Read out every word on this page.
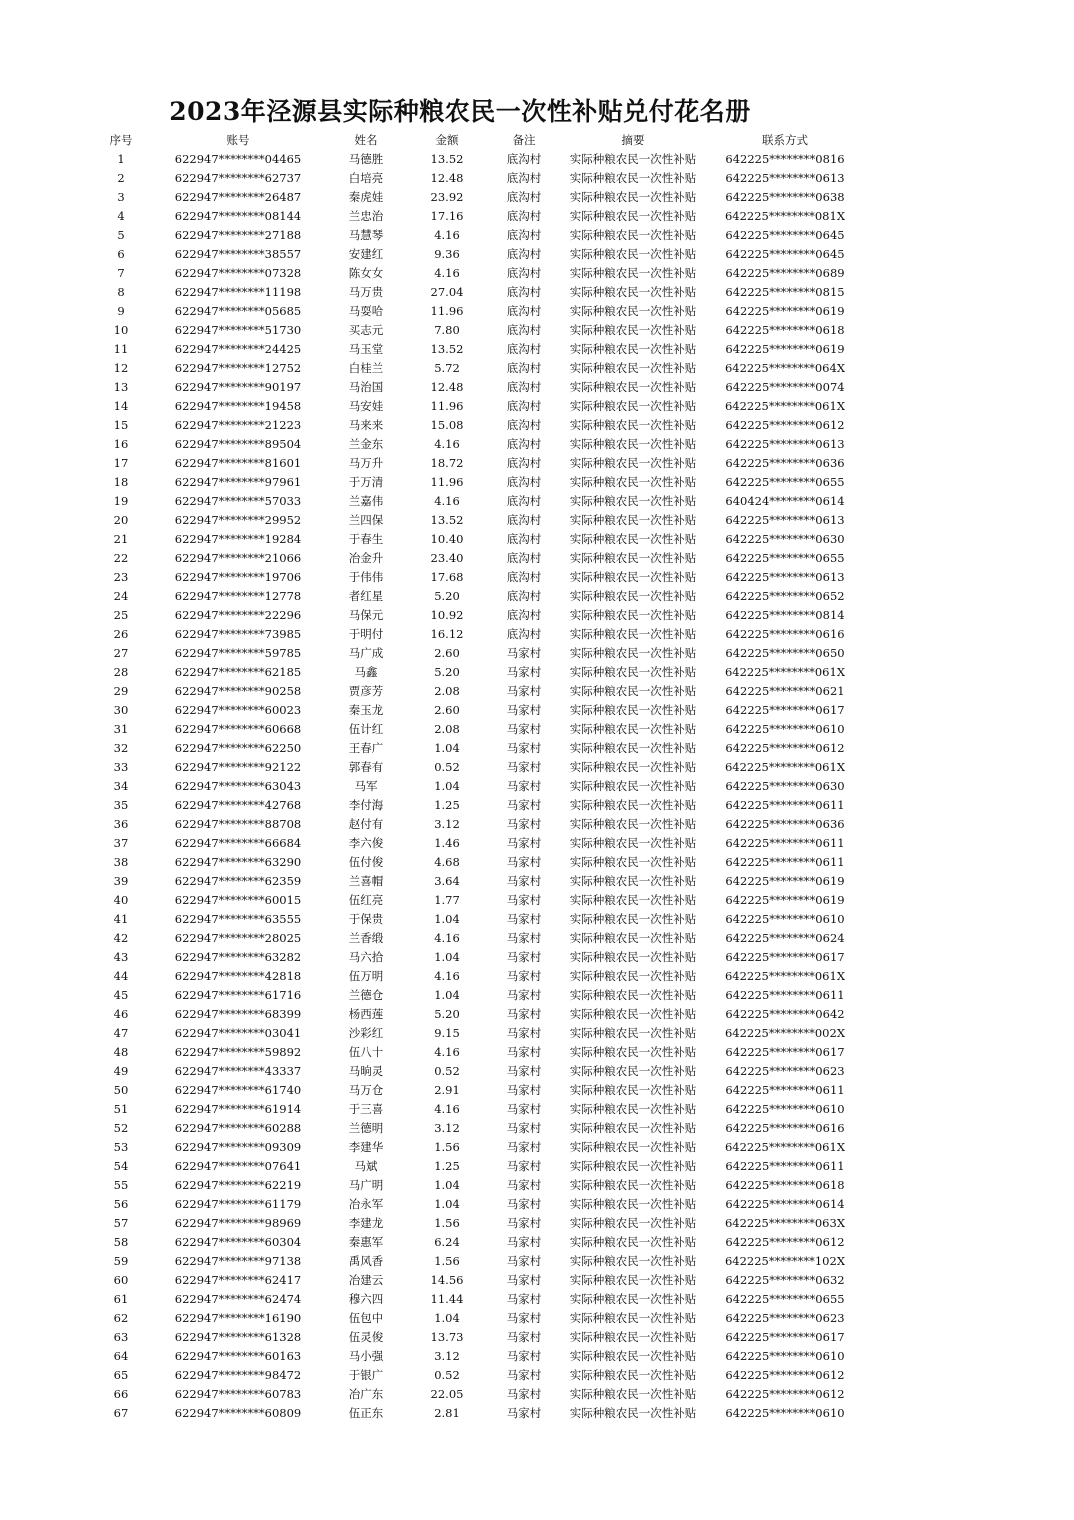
2023年泾源县实际种粮农民一次性补贴兑付花名册
序号	账号	姓名	金额	备注	摘要	联系方式
1	622947********04465	马德胜	13.52	底沟村	实际种粮农民一次性补贴	642225********0816
2	622947********62737	白培亮	12.48	底沟村	实际种粮农民一次性补贴	642225********0613
3	622947********26487	秦虎娃	23.92	底沟村	实际种粮农民一次性补贴	642225********0638
4	622947********08144	兰忠治	17.16	底沟村	实际种粮农民一次性补贴	642225********081X
5	622947********27188	马慧琴	4.16	底沟村	实际种粮农民一次性补贴	642225********0645
6	622947********38557	安建红	9.36	底沟村	实际种粮农民一次性补贴	642225********0645
7	622947********07328	陈女女	4.16	底沟村	实际种粮农民一次性补贴	642225********0689
8	622947********11198	马万贵	27.04	底沟村	实际种粮农民一次性补贴	642225********0815
9	622947********05685	马耍哈	11.96	底沟村	实际种粮农民一次性补贴	642225********0619
10	622947********51730	买志元	7.80	底沟村	实际种粮农民一次性补贴	642225********0618
11	622947********24425	马玉堂	13.52	底沟村	实际种粮农民一次性补贴	642225********0619
12	622947********12752	白桂兰	5.72	底沟村	实际种粮农民一次性补贴	642225********064X
13	622947********90197	马治国	12.48	底沟村	实际种粮农民一次性补贴	642225********0074
14	622947********19458	马安娃	11.96	底沟村	实际种粮农民一次性补贴	642225********061X
15	622947********21223	马来来	15.08	底沟村	实际种粮农民一次性补贴	642225********0612
16	622947********89504	兰金东	4.16	底沟村	实际种粮农民一次性补贴	642225********0613
17	622947********81601	马万升	18.72	底沟村	实际种粮农民一次性补贴	642225********0636
18	622947********97961	于万清	11.96	底沟村	实际种粮农民一次性补贴	642225********0655
19	622947********57033	兰嘉伟	4.16	底沟村	实际种粮农民一次性补贴	640424********0614
20	622947********29952	兰四保	13.52	底沟村	实际种粮农民一次性补贴	642225********0613
21	622947********19284	于春生	10.40	底沟村	实际种粮农民一次性补贴	642225********0630
22	622947********21066	冶金升	23.40	底沟村	实际种粮农民一次性补贴	642225********0655
23	622947********19706	于伟伟	17.68	底沟村	实际种粮农民一次性补贴	642225********0613
24	622947********12778	者红星	5.20	底沟村	实际种粮农民一次性补贴	642225********0652
25	622947********22296	马保元	10.92	底沟村	实际种粮农民一次性补贴	642225********0814
26	622947********73985	于明付	16.12	底沟村	实际种粮农民一次性补贴	642225********0616
27	622947********59785	马广成	2.60	马家村	实际种粮农民一次性补贴	642225********0650
28	622947********62185	马鑫	5.20	马家村	实际种粮农民一次性补贴	642225********061X
29	622947********90258	贾彦芳	2.08	马家村	实际种粮农民一次性补贴	642225********0621
30	622947********60023	秦玉龙	2.60	马家村	实际种粮农民一次性补贴	642225********0617
31	622947********60668	伍计红	2.08	马家村	实际种粮农民一次性补贴	642225********0610
32	622947********62250	王春广	1.04	马家村	实际种粮农民一次性补贴	642225********0612
33	622947********92122	郭春有	0.52	马家村	实际种粮农民一次性补贴	642225********061X
34	622947********63043	马军	1.04	马家村	实际种粮农民一次性补贴	642225********0630
35	622947********42768	李付海	1.25	马家村	实际种粮农民一次性补贴	642225********0611
36	622947********88708	赵付有	3.12	马家村	实际种粮农民一次性补贴	642225********0636
37	622947********66684	李六俊	1.46	马家村	实际种粮农民一次性补贴	642225********0611
38	622947********63290	伍付俊	4.68	马家村	实际种粮农民一次性补贴	642225********0611
39	622947********62359	兰喜帽	3.64	马家村	实际种粮农民一次性补贴	642225********0619
40	622947********60015	伍红亮	1.77	马家村	实际种粮农民一次性补贴	642225********0619
41	622947********63555	于保贵	1.04	马家村	实际种粮农民一次性补贴	642225********0610
42	622947********28025	兰香缎	4.16	马家村	实际种粮农民一次性补贴	642225********0624
43	622947********63282	马六拾	1.04	马家村	实际种粮农民一次性补贴	642225********0617
44	622947********42818	伍万明	4.16	马家村	实际种粮农民一次性补贴	642225********061X
45	622947********61716	兰德仓	1.04	马家村	实际种粮农民一次性补贴	642225********0611
46	622947********68399	杨西莲	5.20	马家村	实际种粮农民一次性补贴	642225********0642
47	622947********03041	沙彩红	9.15	马家村	实际种粮农民一次性补贴	642225********002X
48	622947********59892	伍八十	4.16	马家村	实际种粮农民一次性补贴	642225********0617
49	622947********43337	马晌灵	0.52	马家村	实际种粮农民一次性补贴	642225********0623
50	622947********61740	马万仓	2.91	马家村	实际种粮农民一次性补贴	642225********0611
51	622947********61914	于三喜	4.16	马家村	实际种粮农民一次性补贴	642225********0610
52	622947********60288	兰德明	3.12	马家村	实际种粮农民一次性补贴	642225********0616
53	622947********09309	李建华	1.56	马家村	实际种粮农民一次性补贴	642225********061X
54	622947********07641	马斌	1.25	马家村	实际种粮农民一次性补贴	642225********0611
55	622947********62219	马广明	1.04	马家村	实际种粮农民一次性补贴	642225********0618
56	622947********61179	冶永军	1.04	马家村	实际种粮农民一次性补贴	642225********0614
57	622947********98969	李建龙	1.56	马家村	实际种粮农民一次性补贴	642225********063X
58	622947********60304	秦惠军	6.24	马家村	实际种粮农民一次性补贴	642225********0612
59	622947********97138	禹风香	1.56	马家村	实际种粮农民一次性补贴	642225********102X
60	622947********62417	冶建云	14.56	马家村	实际种粮农民一次性补贴	642225********0632
61	622947********62474	穆六四	11.44	马家村	实际种粮农民一次性补贴	642225********0655
62	622947********16190	伍包中	1.04	马家村	实际种粮农民一次性补贴	642225********0623
63	622947********61328	伍灵俊	13.73	马家村	实际种粮农民一次性补贴	642225********0617
64	622947********60163	马小强	3.12	马家村	实际种粮农民一次性补贴	642225********0610
65	622947********98472	于银广	0.52	马家村	实际种粮农民一次性补贴	642225********0612
66	622947********60783	冶广东	22.05	马家村	实际种粮农民一次性补贴	642225********0612
67	622947********60809	伍正东	2.81	马家村	实际种粮农民一次性补贴	642225********0610
